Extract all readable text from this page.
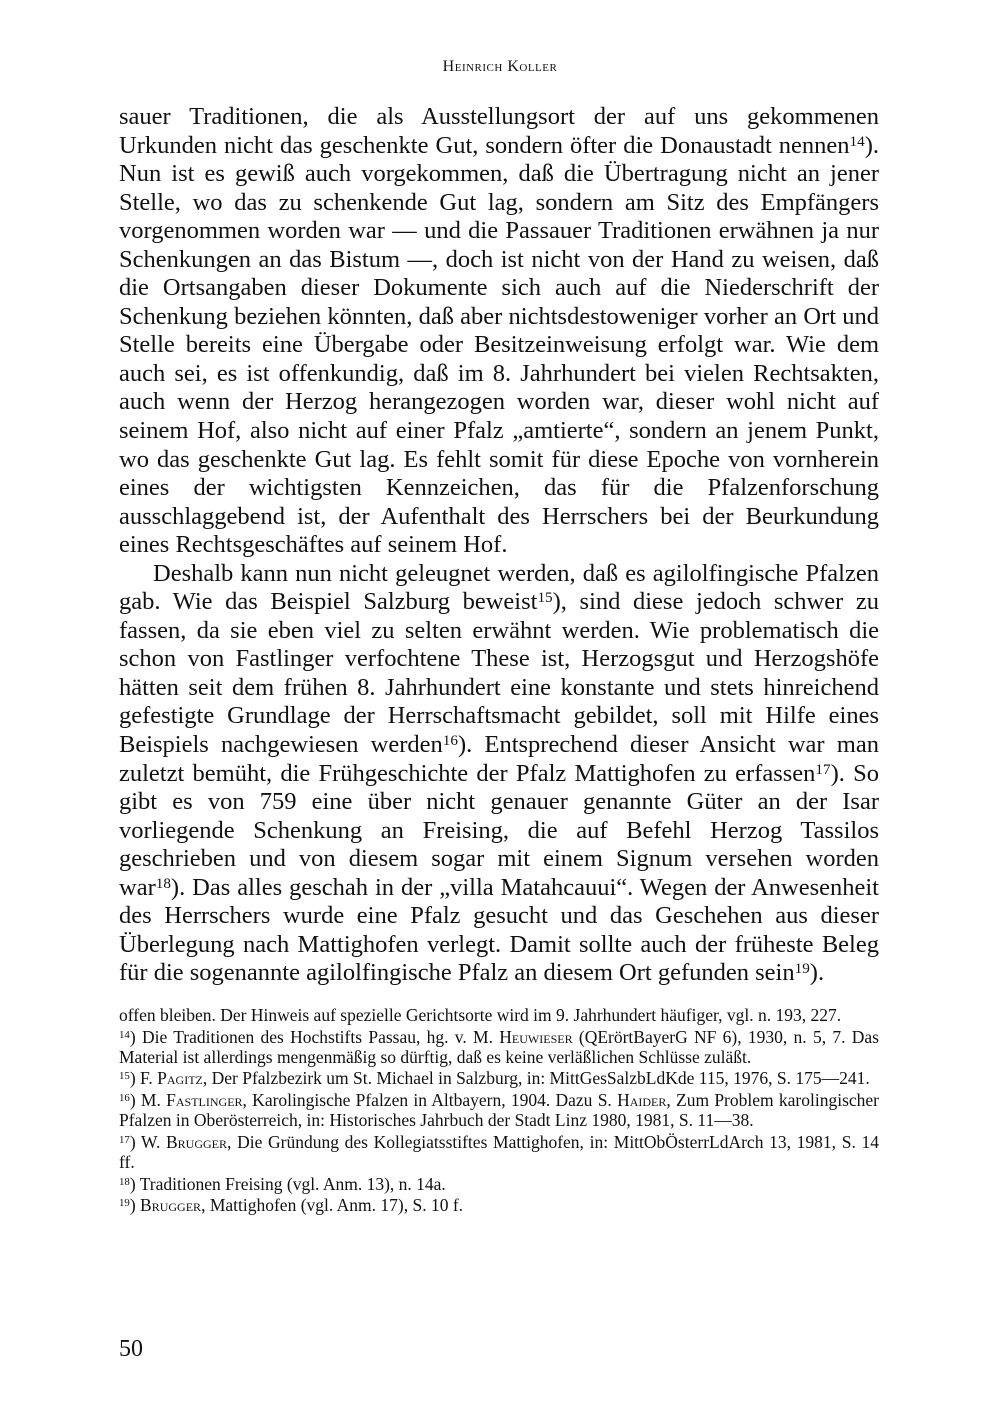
Heinrich Koller

sauer Traditionen, die als Ausstellungsort der auf uns gekommenen Urkunden nicht das geschenkte Gut, sondern öfter die Donaustadt nennen$^{14}$). Nun ist es gewiß auch vorgekommen, daß die Übertragung nicht an jener Stelle, wo das zu schenkende Gut lag, sondern am Sitz des Empfängers vorgenommen worden war — und die Passauer Traditionen erwähnen ja nur Schenkungen an das Bistum —, doch ist nicht von der Hand zu weisen, daß die Ortsangaben dieser Dokumente sich auch auf die Niederschrift der Schenkung beziehen könnten, daß aber nichtsdestoweniger vorher an Ort und Stelle bereits eine Übergabe oder Besitzeinweisung erfolgt war. Wie dem auch sei, es ist offenkundig, daß im 8. Jahrhundert bei vielen Rechtsakten, auch wenn der Herzog herangezogen worden war, dieser wohl nicht auf seinem Hof, also nicht auf einer Pfalz „amtierte“, sondern an jenem Punkt, wo das geschenkte Gut lag. Es fehlt somit für diese Epoche von vornherein eines der wichtigsten Kennzeichen, das für die Pfalzenforschung ausschlaggebend ist, der Aufenthalt des Herrschers bei der Beurkundung eines Rechtsgeschäftes auf seinem Hof.

Deshalb kann nun nicht geleugnet werden, daß es agilolfingische Pfalzen gab. Wie das Beispiel Salzburg beweist$^{15}$), sind diese jedoch schwer zu fassen, da sie eben viel zu selten erwähnt werden. Wie problematisch die schon von Fastlinger verfochtene These ist, Herzogsgut und Herzogshöfe hätten seit dem frühen 8. Jahrhundert eine konstante und stets hinreichend gefestigte Grundlage der Herrschaftsmacht gebildet, soll mit Hilfe eines Beispiels nachgewiesen werden$^{16}$). Entsprechend dieser Ansicht war man zuletzt bemüht, die Frühgeschichte der Pfalz Mattighofen zu erfassen$^{17}$). So gibt es von 759 eine über nicht genauer genannte Güter an der Isar vorliegende Schenkung an Freising, die auf Befehl Herzog Tassilos geschrieben und von diesem sogar mit einem Signum versehen worden war$^{18}$). Das alles geschah in der „villa Matahcauui“. Wegen der Anwesenheit des Herrschers wurde eine Pfalz gesucht und das Geschehen aus dieser Überlegung nach Mattighofen verlegt. Damit sollte auch der früheste Beleg für die sogenannte agilolfingische Pfalz an diesem Ort gefunden sein$^{19}$).

offen bleiben. Der Hinweis auf spezielle Gerichtsorte wird im 9. Jahrhundert häufiger, vgl. n. 193, 227.

$^{14}$) Die Traditionen des Hochstifts Passau, hg. v. M. Heuwieser (QErörtBayerG NF 6), 1930, n. 5, 7. Das Material ist allerdings mengenmäßig so dürftig, daß es keine verläßlichen Schlüsse zuläßt.

$^{15}$) F. Pagitz, Der Pfalzbezirk um St. Michael in Salzburg, in: MittGesSalzbLdKde 115, 1976, S. 175—241.

$^{16}$) M. Fastlinger, Karolingische Pfalzen in Altbayern, 1904. Dazu S. Haider, Zum Problem karolingischer Pfalzen in Oberösterreich, in: Historisches Jahrbuch der Stadt Linz 1980, 1981, S. 11—38.

$^{17}$) W. Brugger, Die Gründung des Kollegiatsstiftes Mattighofen, in: MittObÖsterrLdArch 13, 1981, S. 14 ff.

$^{18}$) Traditionen Freising (vgl. Anm. 13), n. 14a.

$^{19}$) Brugger, Mattighofen (vgl. Anm. 17), S. 10 f.

50
